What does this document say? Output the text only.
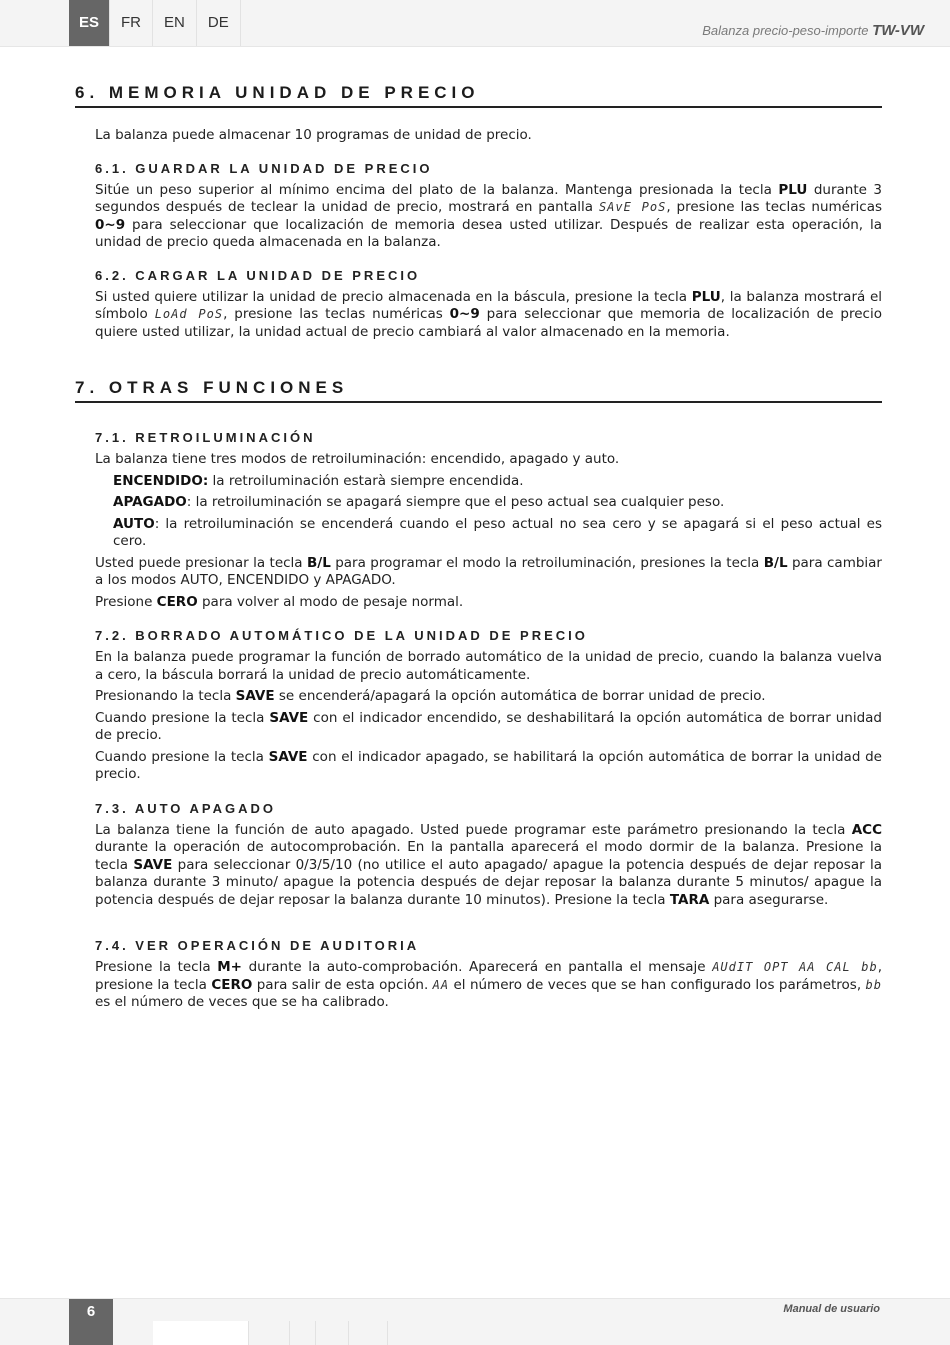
ES	FR	EN	DE	Balanza precio-peso-importe TW-VW
6. MEMORIA UNIDAD DE PRECIO

La balanza puede almacenar 10 programas de unidad de precio.

6.1. GUARDAR LA UNIDAD DE PRECIO

Sitúe un peso superior al mínimo encima del plato de la balanza. Mantenga presionada la tecla PLU durante 3 segundos después de teclear la unidad de precio, mostrará en pantalla SAvE PoS, presione las teclas numéricas 0~9 para seleccionar que localización de memoria desea usted utilizar. Después de realizar esta operación, la unidad de precio queda almacenada en la balanza.

6.2. CARGAR LA UNIDAD DE PRECIO

Si usted quiere utilizar la unidad de precio almacenada en la báscula, presione la tecla PLU, la balanza mostrará el símbolo LoAd PoS, presione las teclas numéricas 0~9 para seleccionar que memoria de localización de precio quiere usted utilizar, la unidad actual de precio cambiará al valor almacenado en la memoria.

7. OTRAS FUNCIONES
7.1. RETROILUMINACIÓN

La balanza tiene tres modos de retroiluminación: encendido, apagado y auto.

ENCENDIDO: la retroiluminación estarà siempre encendida.

APAGADO: la retroiluminación se apagará siempre que el peso actual sea cualquier peso.

AUTO: la retroiluminación se encenderá cuando el peso actual no sea cero y se apagará si el peso actual es cero.

Usted puede presionar la tecla B/L para programar el modo la retroiluminación, presiones la tecla B/L para cambiar a los modos AUTO, ENCENDIDO y APAGADO.

Presione CERO para volver al modo de pesaje normal.

7.2. BORRADO AUTOMÁTICO DE LA UNIDAD DE PRECIO

En la balanza puede programar la función de borrado automático de la unidad de precio, cuando la balanza vuelva a cero, la báscula borrará la unidad de precio automáticamente.

Presionando la tecla SAVE se encenderá/apagará la opción automática de borrar unidad de precio.

Cuando presione la tecla SAVE con el indicador encendido, se deshabilitará la opción automática de borrar unidad de precio.

Cuando presione la tecla SAVE con el indicador apagado, se habilitará la opción automática de borrar la unidad de precio.

7.3. AUTO APAGADO

La balanza tiene la función de auto apagado. Usted puede programar este parámetro presionando la tecla ACC durante la operación de autocomprobación. En la pantalla aparecerá el modo dormir de la balanza. Presione la tecla SAVE para seleccionar 0/3/5/10 (no utilice el auto apagado/ apague la potencia después de dejar reposar la balanza durante 3 minuto/ apague la potencia después de dejar reposar la balanza durante 5 minutos/ apague la potencia después de dejar reposar la balanza durante 10 minutos). Presione la tecla TARA para asegurarse.

7.4. VER OPERACIÓN DE AUDITORIA

Presione la tecla M+ durante la auto-comprobación. Aparecerá en pantalla el mensaje AUdIT OPT AA CAL bb, presione la tecla CERO para salir de esta opción. AA el número de veces que se han configurado los parámetros, bb es el número de veces que se ha calibrado.

6	Manual de usuario
